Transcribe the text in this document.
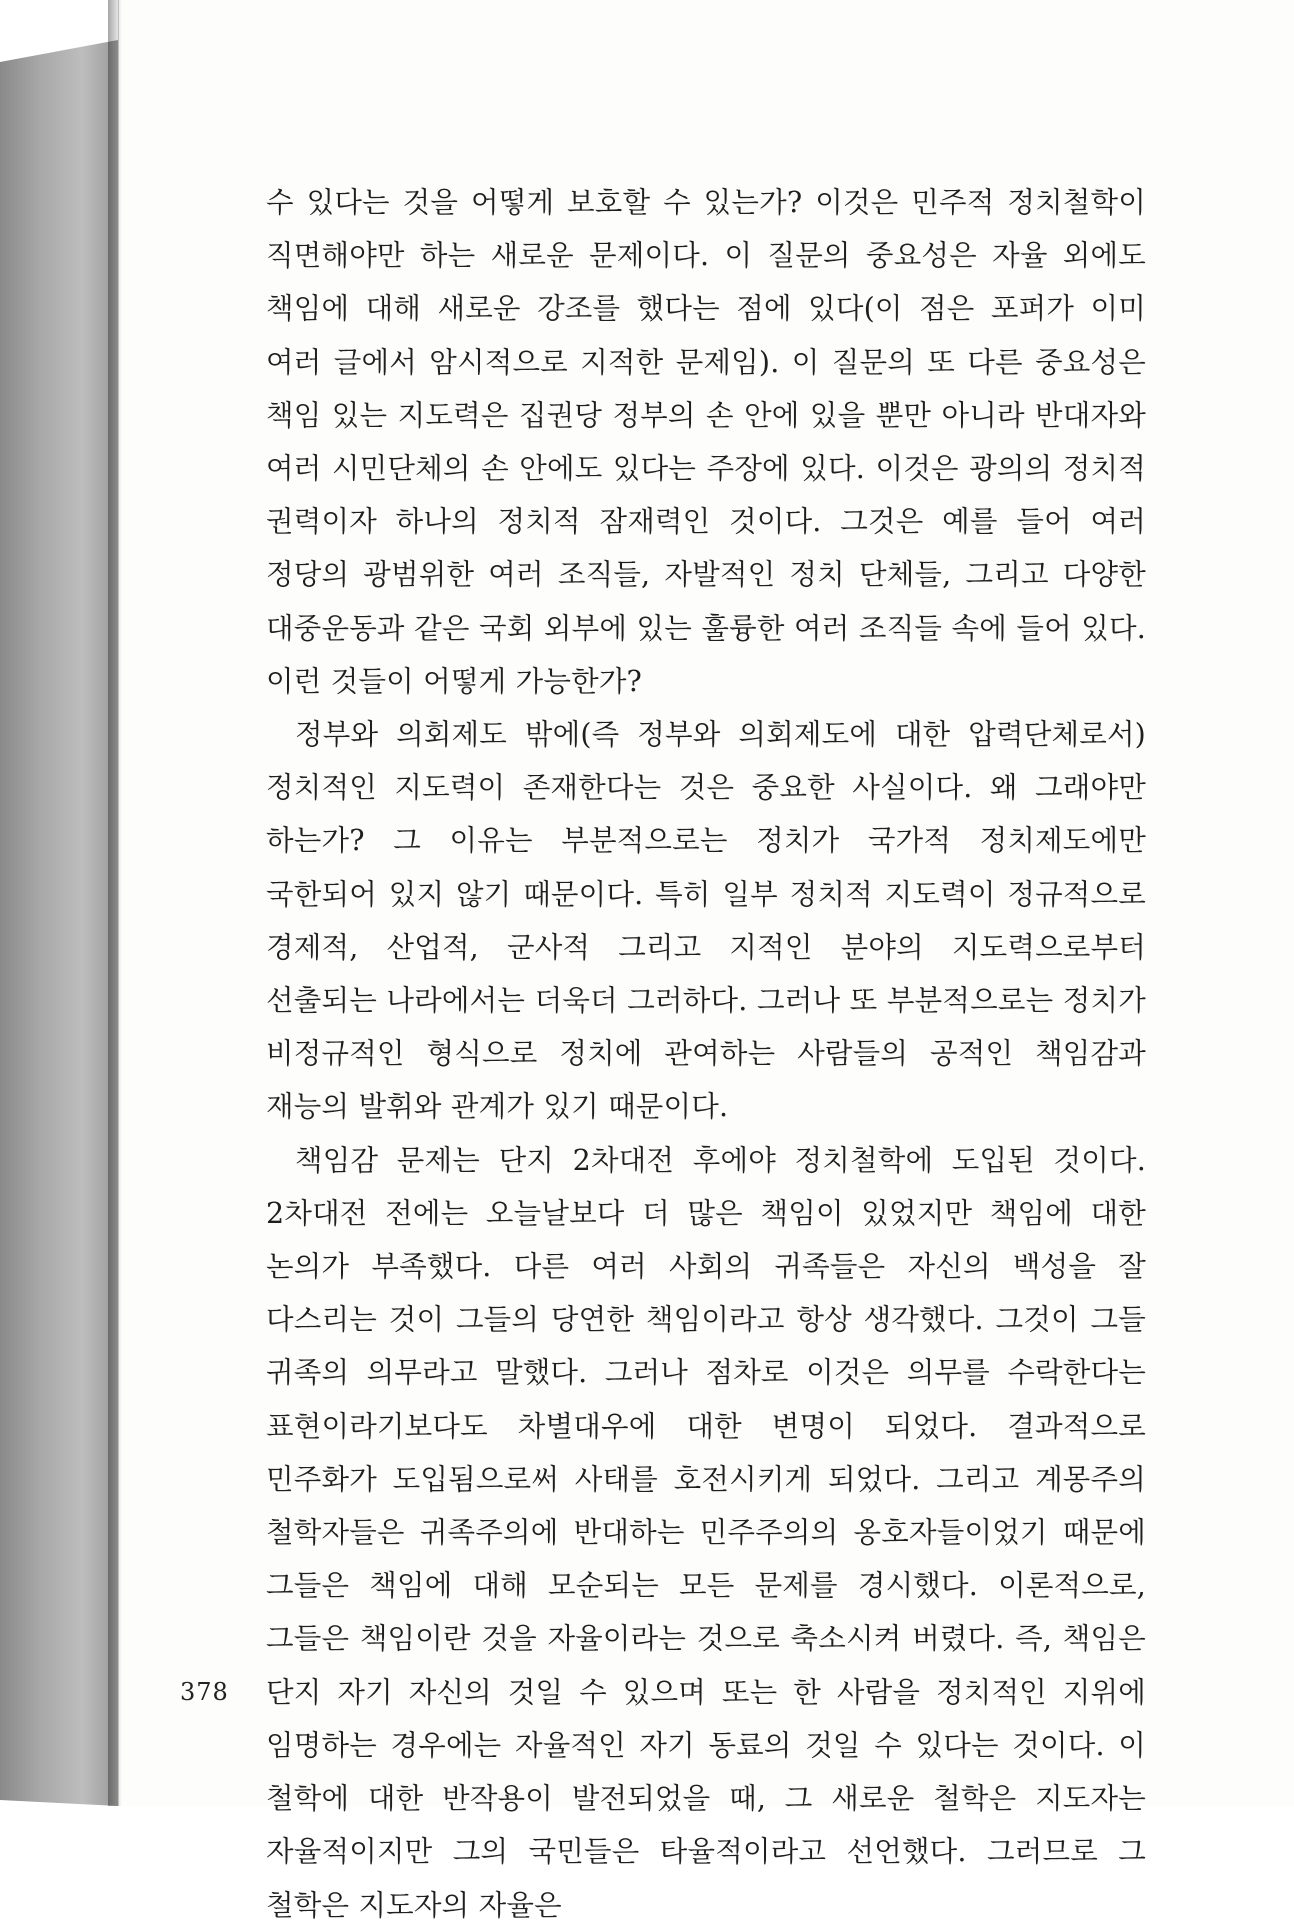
수 있다는 것을 어떻게 보호할 수 있는가? 이것은 민주적 정치철학이 직면해야만 하는 새로운 문제이다. 이 질문의 중요성은 자율 외에도 책임에 대해 새로운 강조를 했다는 점에 있다(이 점은 포퍼가 이미 여러 글에서 암시적으로 지적한 문제임). 이 질문의 또 다른 중요성은 책임 있는 지도력은 집권당 정부의 손 안에 있을 뿐만 아니라 반대자와 여러 시민단체의 손 안에도 있다는 주장에 있다. 이것은 광의의 정치적 권력이자 하나의 정치적 잠재력인 것이다. 그것은 예를 들어 여러 정당의 광범위한 여러 조직들, 자발적인 정치 단체들, 그리고 다양한 대중운동과 같은 국회 외부에 있는 훌륭한 여러 조직들 속에 들어 있다. 이런 것들이 어떻게 가능한가?

정부와 의회제도 밖에(즉 정부와 의회제도에 대한 압력단체로서) 정치적인 지도력이 존재한다는 것은 중요한 사실이다. 왜 그래야만 하는가? 그 이유는 부분적으로는 정치가 국가적 정치제도에만 국한되어 있지 않기 때문이다. 특히 일부 정치적 지도력이 정규적으로 경제적, 산업적, 군사적 그리고 지적인 분야의 지도력으로부터 선출되는 나라에서는 더욱더 그러하다. 그러나 또 부분적으로는 정치가 비정규적인 형식으로 정치에 관여하는 사람들의 공적인 책임감과 재능의 발휘와 관계가 있기 때문이다.

책임감 문제는 단지 2차대전 후에야 정치철학에 도입된 것이다. 2차대전 전에는 오늘날보다 더 많은 책임이 있었지만 책임에 대한 논의가 부족했다. 다른 여러 사회의 귀족들은 자신의 백성을 잘 다스리는 것이 그들의 당연한 책임이라고 항상 생각했다. 그것이 그들 귀족의 의무라고 말했다. 그러나 점차로 이것은 의무를 수락한다는 표현이라기보다도 차별대우에 대한 변명이 되었다. 결과적으로 민주화가 도입됨으로써 사태를 호전시키게 되었다. 그리고 계몽주의 철학자들은 귀족주의에 반대하는 민주주의의 옹호자들이었기 때문에 그들은 책임에 대해 모순되는 모든 문제를 경시했다. 이론적으로, 그들은 책임이란 것을 자율이라는 것으로 축소시켜 버렸다. 즉, 책임은 단지 자기 자신의 것일 수 있으며 또는 한 사람을 정치적인 지위에 임명하는 경우에는 자율적인 자기 동료의 것일 수 있다는 것이다. 이 철학에 대한 반작용이 발전되었을 때, 그 새로운 철학은 지도자는 자율적이지만 그의 국민들은 타율적이라고 선언했다. 그러므로 그 철학은 지도자의 자율은

378
